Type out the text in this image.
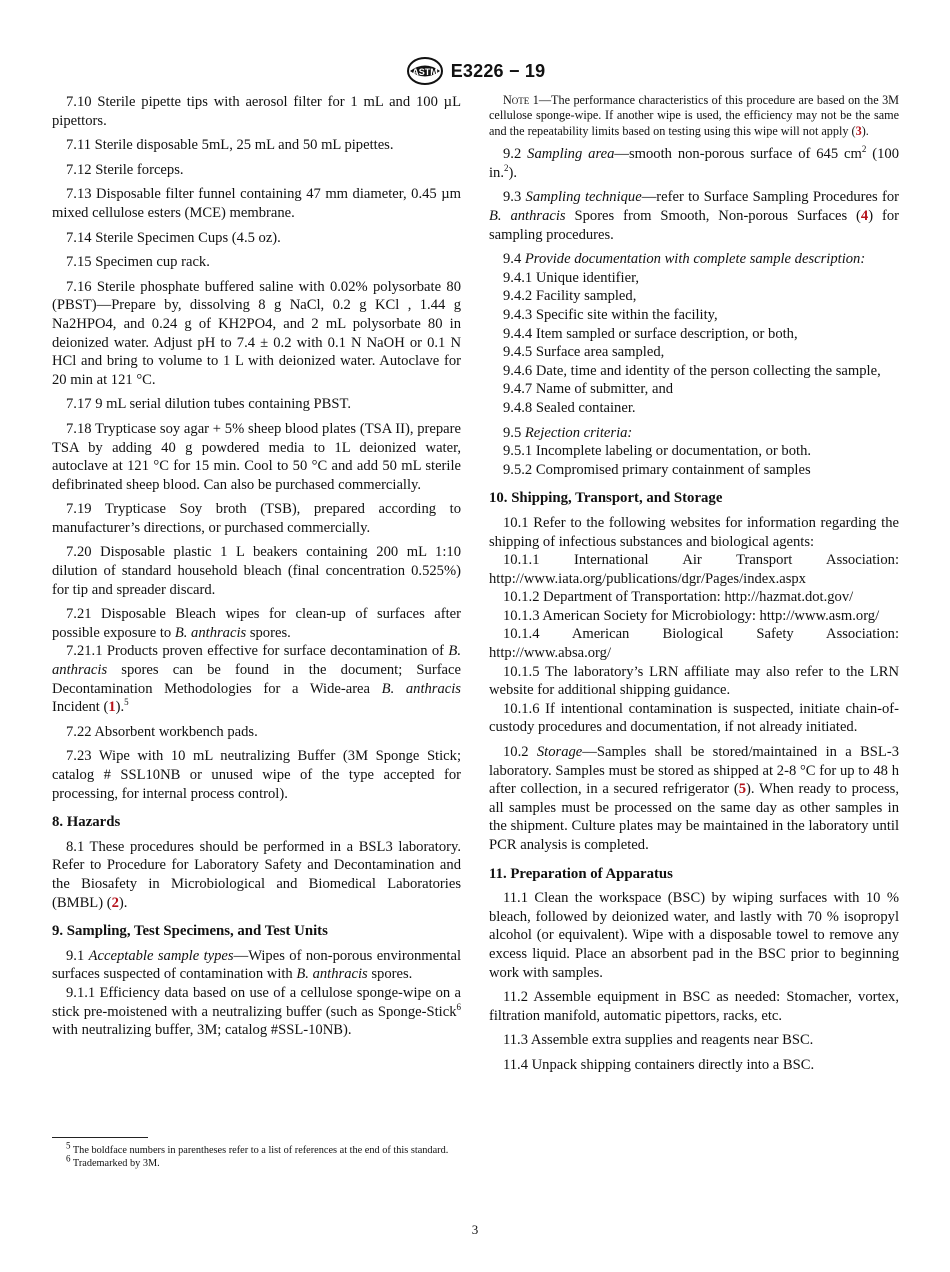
ASTM E3226 − 19

7.10 Sterile pipette tips with aerosol filter for 1 mL and 100 µL pipettors.

7.11 Sterile disposable 5mL, 25 mL and 50 mL pipettes.

7.12 Sterile forceps.

7.13 Disposable filter funnel containing 47 mm diameter, 0.45 µm mixed cellulose esters (MCE) membrane.

7.14 Sterile Specimen Cups (4.5 oz).

7.15 Specimen cup rack.

7.16 Sterile phosphate buffered saline with 0.02% polysorbate 80 (PBST)—Prepare by, dissolving 8 g NaCl, 0.2 g KCl , 1.44 g Na2HPO4, and 0.24 g of KH2PO4, and 2 mL polysorbate 80 in deionized water. Adjust pH to 7.4 ± 0.2 with 0.1 N NaOH or 0.1 N HCl and bring to volume to 1 L with deionized water. Autoclave for 20 min at 121 °C.

7.17 9 mL serial dilution tubes containing PBST.

7.18 Trypticase soy agar + 5% sheep blood plates (TSA II), prepare TSA by adding 40 g powdered media to 1L deionized water, autoclave at 121 °C for 15 min. Cool to 50 °C and add 50 mL sterile defibrinated sheep blood. Can also be purchased commercially.

7.19 Trypticase Soy broth (TSB), prepared according to manufacturer’s directions, or purchased commercially.

7.20 Disposable plastic 1 L beakers containing 200 mL 1:10 dilution of standard household bleach (final concentration 0.525%) for tip and spreader discard.

7.21 Disposable Bleach wipes for clean-up of surfaces after possible exposure to B. anthracis spores.

7.21.1 Products proven effective for surface decontamination of B. anthracis spores can be found in the document; Surface Decontamination Methodologies for a Wide-area B. anthracis Incident (1).$^5$

7.22 Absorbent workbench pads.

7.23 Wipe with 10 mL neutralizing Buffer (3M Sponge Stick; catalog # SSL10NB or unused wipe of the type accepted for processing, for internal process control).

8. Hazards

8.1 These procedures should be performed in a BSL3 laboratory. Refer to Procedure for Laboratory Safety and Decontamination and the Biosafety in Microbiological and Biomedical Laboratories (BMBL) (2).

9. Sampling, Test Specimens, and Test Units

9.1 Acceptable sample types—Wipes of non-porous environmental surfaces suspected of contamination with B. anthracis spores.

9.1.1 Efficiency data based on use of a cellulose sponge-wipe on a stick pre-moistened with a neutralizing buffer (such as Sponge-Stick$^6$ with neutralizing buffer, 3M; catalog #SSL-10NB).

Note 1—The performance characteristics of this procedure are based on the 3M cellulose sponge-wipe. If another wipe is used, the efficiency may not be the same and the repeatability limits based on testing using this wipe will not apply (3).

9.2 Sampling area—smooth non-porous surface of 645 $cm^2$ (100 in.$^2$).

9.3 Sampling technique—refer to Surface Sampling Procedures for B. anthracis Spores from Smooth, Non-porous Surfaces (4) for sampling procedures.

9.4 Provide documentation with complete sample description:

9.4.1 Unique identifier,

9.4.2 Facility sampled,

9.4.3 Specific site within the facility,

9.4.4 Item sampled or surface description, or both,

9.4.5 Surface area sampled,

9.4.6 Date, time and identity of the person collecting the sample,

9.4.7 Name of submitter, and

9.4.8 Sealed container.

9.5 Rejection criteria:

9.5.1 Incomplete labeling or documentation, or both.

9.5.2 Compromised primary containment of samples

10. Shipping, Transport, and Storage

10.1 Refer to the following websites for information regarding the shipping of infectious substances and biological agents:

10.1.1 International Air Transport Association: http://www.iata.org/publications/dgr/Pages/index.aspx

10.1.2 Department of Transportation: http://hazmat.dot.gov/

10.1.3 American Society for Microbiology: http://www.asm.org/

10.1.4 American Biological Safety Association: http://www.absa.org/

10.1.5 The laboratory’s LRN affiliate may also refer to the LRN website for additional shipping guidance.

10.1.6 If intentional contamination is suspected, initiate chain-of-custody procedures and documentation, if not already initiated.

10.2 Storage—Samples shall be stored/maintained in a BSL-3 laboratory. Samples must be stored as shipped at 2-8 °C for up to 48 h after collection, in a secured refrigerator (5). When ready to process, all samples must be processed on the same day as other samples in the shipment. Culture plates may be maintained in the laboratory until PCR analysis is completed.

11. Preparation of Apparatus

11.1 Clean the workspace (BSC) by wiping surfaces with 10 % bleach, followed by deionized water, and lastly with 70 % isopropyl alcohol (or equivalent). Wipe with a disposable towel to remove any excess liquid. Place an absorbent pad in the BSC prior to beginning work with samples.

11.2 Assemble equipment in BSC as needed: Stomacher, vortex, filtration manifold, automatic pipettors, racks, etc.

11.3 Assemble extra supplies and reagents near BSC.

11.4 Unpack shipping containers directly into a BSC.

$^5$ The boldface numbers in parentheses refer to a list of references at the end of this standard.

$^6$ Trademarked by 3M.

3
